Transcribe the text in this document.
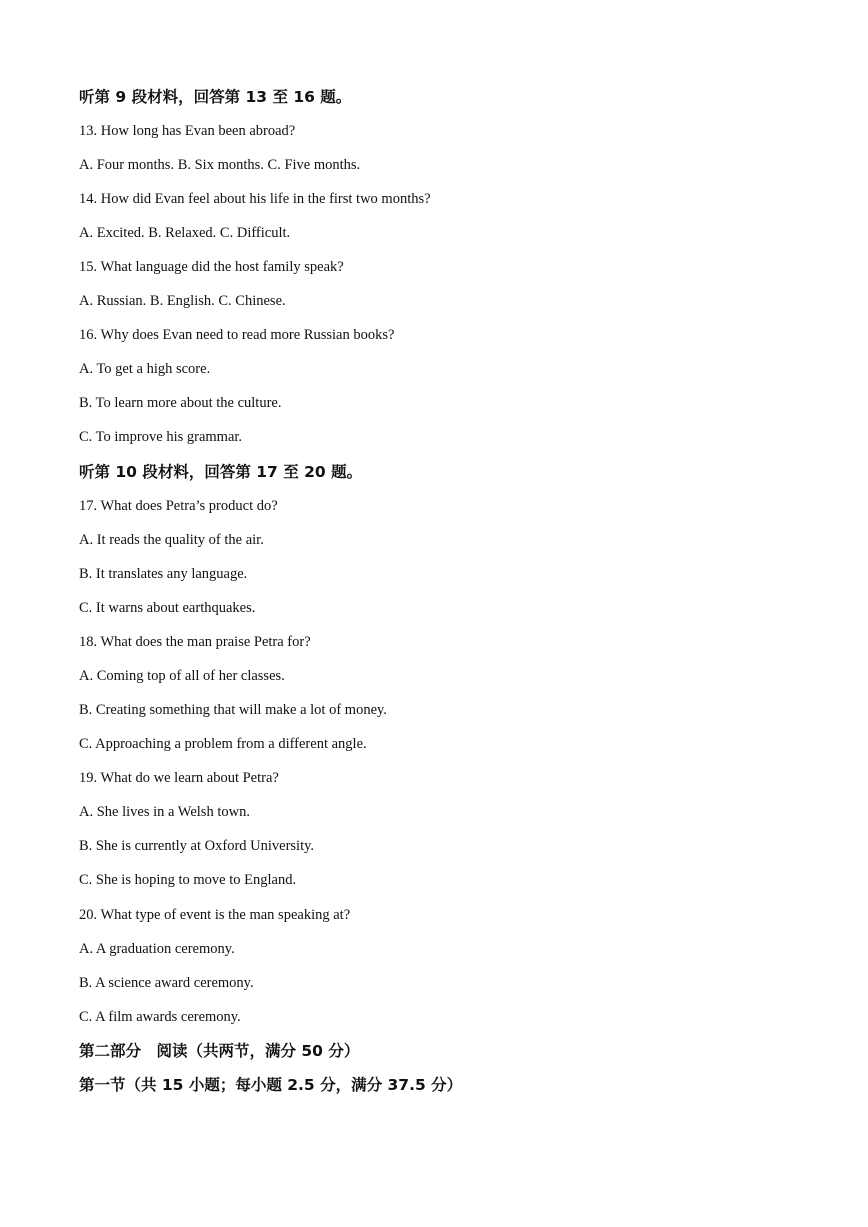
听第 9 段材料，回答第 13 至 16 题。
13. How long has Evan been abroad?
A. Four months. B. Six months. C. Five months.
14. How did Evan feel about his life in the first two months?
A. Excited. B. Relaxed. C. Difficult.
15. What language did the host family speak?
A. Russian. B. English. C. Chinese.
16. Why does Evan need to read more Russian books?
A. To get a high score.
B. To learn more about the culture.
C. To improve his grammar.
听第 10 段材料，回答第 17 至 20 题。
17. What does Petra’s product do?
A. It reads the quality of the air.
B. It translates any language.
C. It warns about earthquakes.
18. What does the man praise Petra for?
A. Coming top of all of her classes.
B. Creating something that will make a lot of money.
C. Approaching a problem from a different angle.
19. What do we learn about Petra?
A. She lives in a Welsh town.
B. She is currently at Oxford University.
C. She is hoping to move to England.
20. What type of event is the man speaking at?
A. A graduation ceremony.
B. A science award ceremony.
C. A film awards ceremony.
第二部分　阅读（共两节，满分 50 分）
第一节（共 15 小题；每小题 2.5 分，满分 37.5 分）
